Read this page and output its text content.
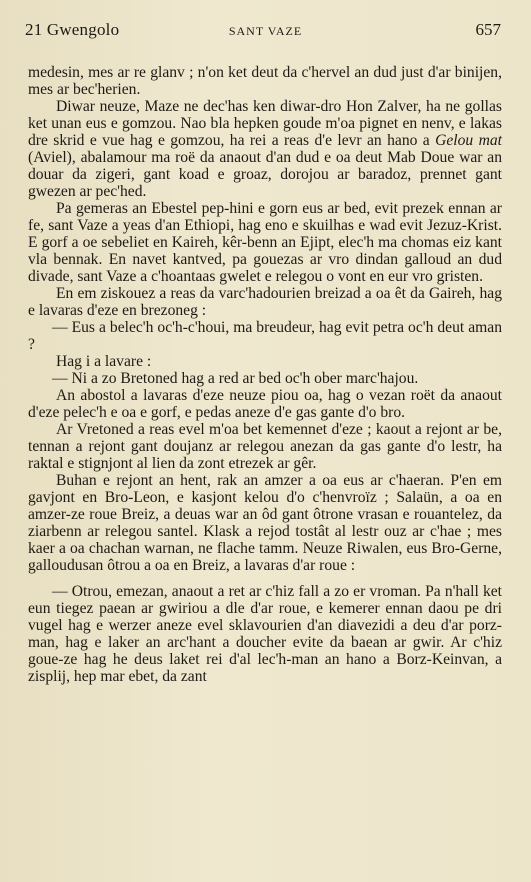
21 Gwengolo	SANT VAZE	657

medesin, mes ar re glanv ; n'on ket deut da c'hervel an dud just d'ar binijen, mes ar bec'herien.

Diwar neuze, Maze ne dec'has ken diwar-dro Hon Zalver, ha ne gollas ket unan eus e gomzou. Nao bla hepken goude m'oa pignet en nenv, e lakas dre skrid e vue hag e gomzou, ha rei a reas d'e levr an hano a Gelou mat (Aviel), abalamour ma roë da anaout d'an dud e oa deut Mab Doue war an douar da zigeri, gant koad e groaz, dorojou ar baradoz, prennet gant gwezen ar pec'hed.

Pa gemeras an Ebestel pep-hini e gorn eus ar bed, evit prezek ennan ar fe, sant Vaze a yeas d'an Ethiopi, hag eno e skuilhas e wad evit Jezuz-Krist. E gorf a oe sebeliet en Kaireh, kêr-benn an Ejipt, elec'h ma chomas eiz kant vla bennak. En navet kantved, pa gouezas ar vro dindan galloud an dud divade, sant Vaze a c'hoantaas gwelet e relegou o vont en eur vro gristen.

En em ziskouez a reas da varc'hadourien breizad a oa êt da Gaireh, hag e lavaras d'eze en brezoneg :

— Eus a belec'h oc'h-c'houi, ma breudeur, hag evit petra oc'h deut aman ?

Hag i a lavare :

— Ni a zo Bretoned hag a red ar bed oc'h ober marc'hajou.

An abostol a lavaras d'eze neuze piou oa, hag o vezan roët da anaout d'eze pelec'h e oa e gorf, e pedas aneze d'e gas gante d'o bro.

Ar Vretoned a reas evel m'oa bet kemennet d'eze ; kaout a rejont ar be, tennan a rejont gant doujanz ar relegou anezan da gas gante d'o lestr, ha raktal e stignjont al lien da zont etrezek ar gêr.

Buhan e rejont an hent, rak an amzer a oa eus ar c'haeran. P'en em gavjont en Bro-Leon, e kasjont kelou d'o c'henvroïz ; Salaün, a oa en amzer-ze roue Breiz, a deuas war an ôd gant ôtrone vrasan e rouantelez, da ziarbenn ar relegou santel. Klask a rejod tostât al lestr ouz ar c'hae ; mes kaer a oa chachan warnan, ne flache tamm. Neuze Riwalen, eus Bro-Gerne, galloudusan ôtrou a oa en Breiz, a lavaras d'ar roue :

— Otrou, emezan, anaout a ret ar c'hiz fall a zo er vroman. Pa n'hall ket eun tiegez paean ar gwiriou a dle d'ar roue, e kemerer ennan daou pe dri vugel hag e werzer aneze evel sklavourien d'an diavezidi a deu d'ar porz-man, hag e laker an arc'hant a doucher evite da baean ar gwir. Ar c'hiz goue-ze hag he deus laket rei d'al lec'h-man an hano a Borz-Keinvan, a zisplij, hep mar ebet, da zant
